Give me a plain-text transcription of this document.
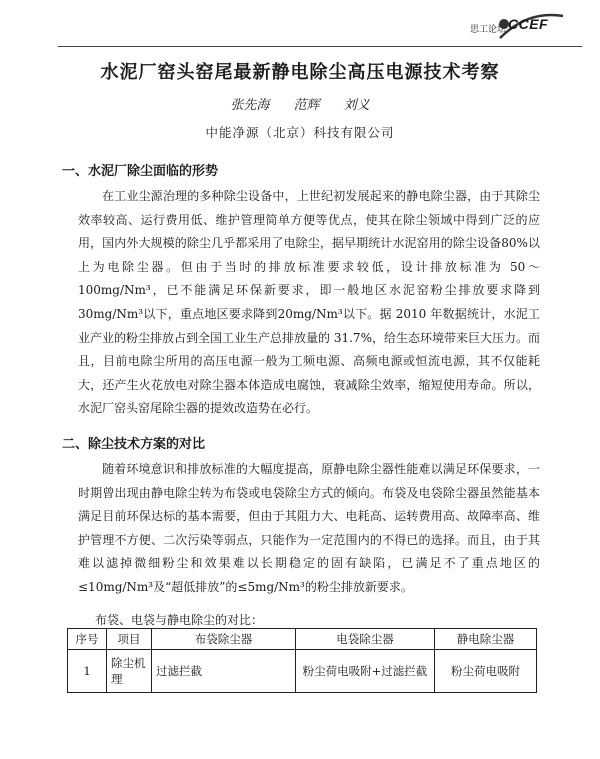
思工论坛 CCEF
水泥厂窑头窑尾最新静电除尘高压电源技术考察
张先海 范辉 刘义
中能净源（北京）科技有限公司
一、水泥厂除尘面临的形势

在工业尘源治理的多种除尘设备中，上世纪初发展起来的静电除尘器，由于其除尘效率较高、运行费用低、维护管理简单方便等优点，使其在除尘领域中得到广泛的应用，国内外大规模的除尘几乎都采用了电除尘，据早期统计水泥窑用的除尘设备80%以上为电除尘器。但由于当时的排放标准要求较低，设计排放标准为 50～100mg/Nm³，已不能满足环保新要求，即一般地区水泥窑粉尘排放要求降到 30mg/Nm³以下，重点地区要求降到20mg/Nm³以下。据 2010 年数据统计，水泥工业产业的粉尘排放占到全国工业生产总排放量的 31.7%，给生态环境带来巨大压力。而且，目前电除尘所用的高压电源一般为工频电源、高频电源或恒流电源，其不仅能耗大，还产生火花放电对除尘器本体造成电腐蚀，衰减除尘效率，缩短使用寿命。所以，水泥厂窑头窑尾除尘器的提效改造势在必行。

二、除尘技术方案的对比

随着环境意识和排放标准的大幅度提高，原静电除尘器性能难以满足环保要求，一时期曾出现由静电除尘转为布袋或电袋除尘方式的倾向。布袋及电袋除尘器虽然能基本满足目前环保达标的基本需要，但由于其阻力大、电耗高、运转费用高、故障率高、维护管理不方便、二次污染等弱点，只能作为一定范围内的不得已的选择。而且，由于其难以滤掉微细粉尘和效果难以长期稳定的固有缺陷，已满足不了重点地区的≤10mg/Nm³及“超低排放”的≤5mg/Nm³的粉尘排放新要求。

布袋、电袋与静电除尘的对比：
序号	项目	布袋除尘器	电袋除尘器	静电除尘器
1	除尘机理	过滤拦截	粉尘荷电吸附+过滤拦截	粉尘荷电吸附
